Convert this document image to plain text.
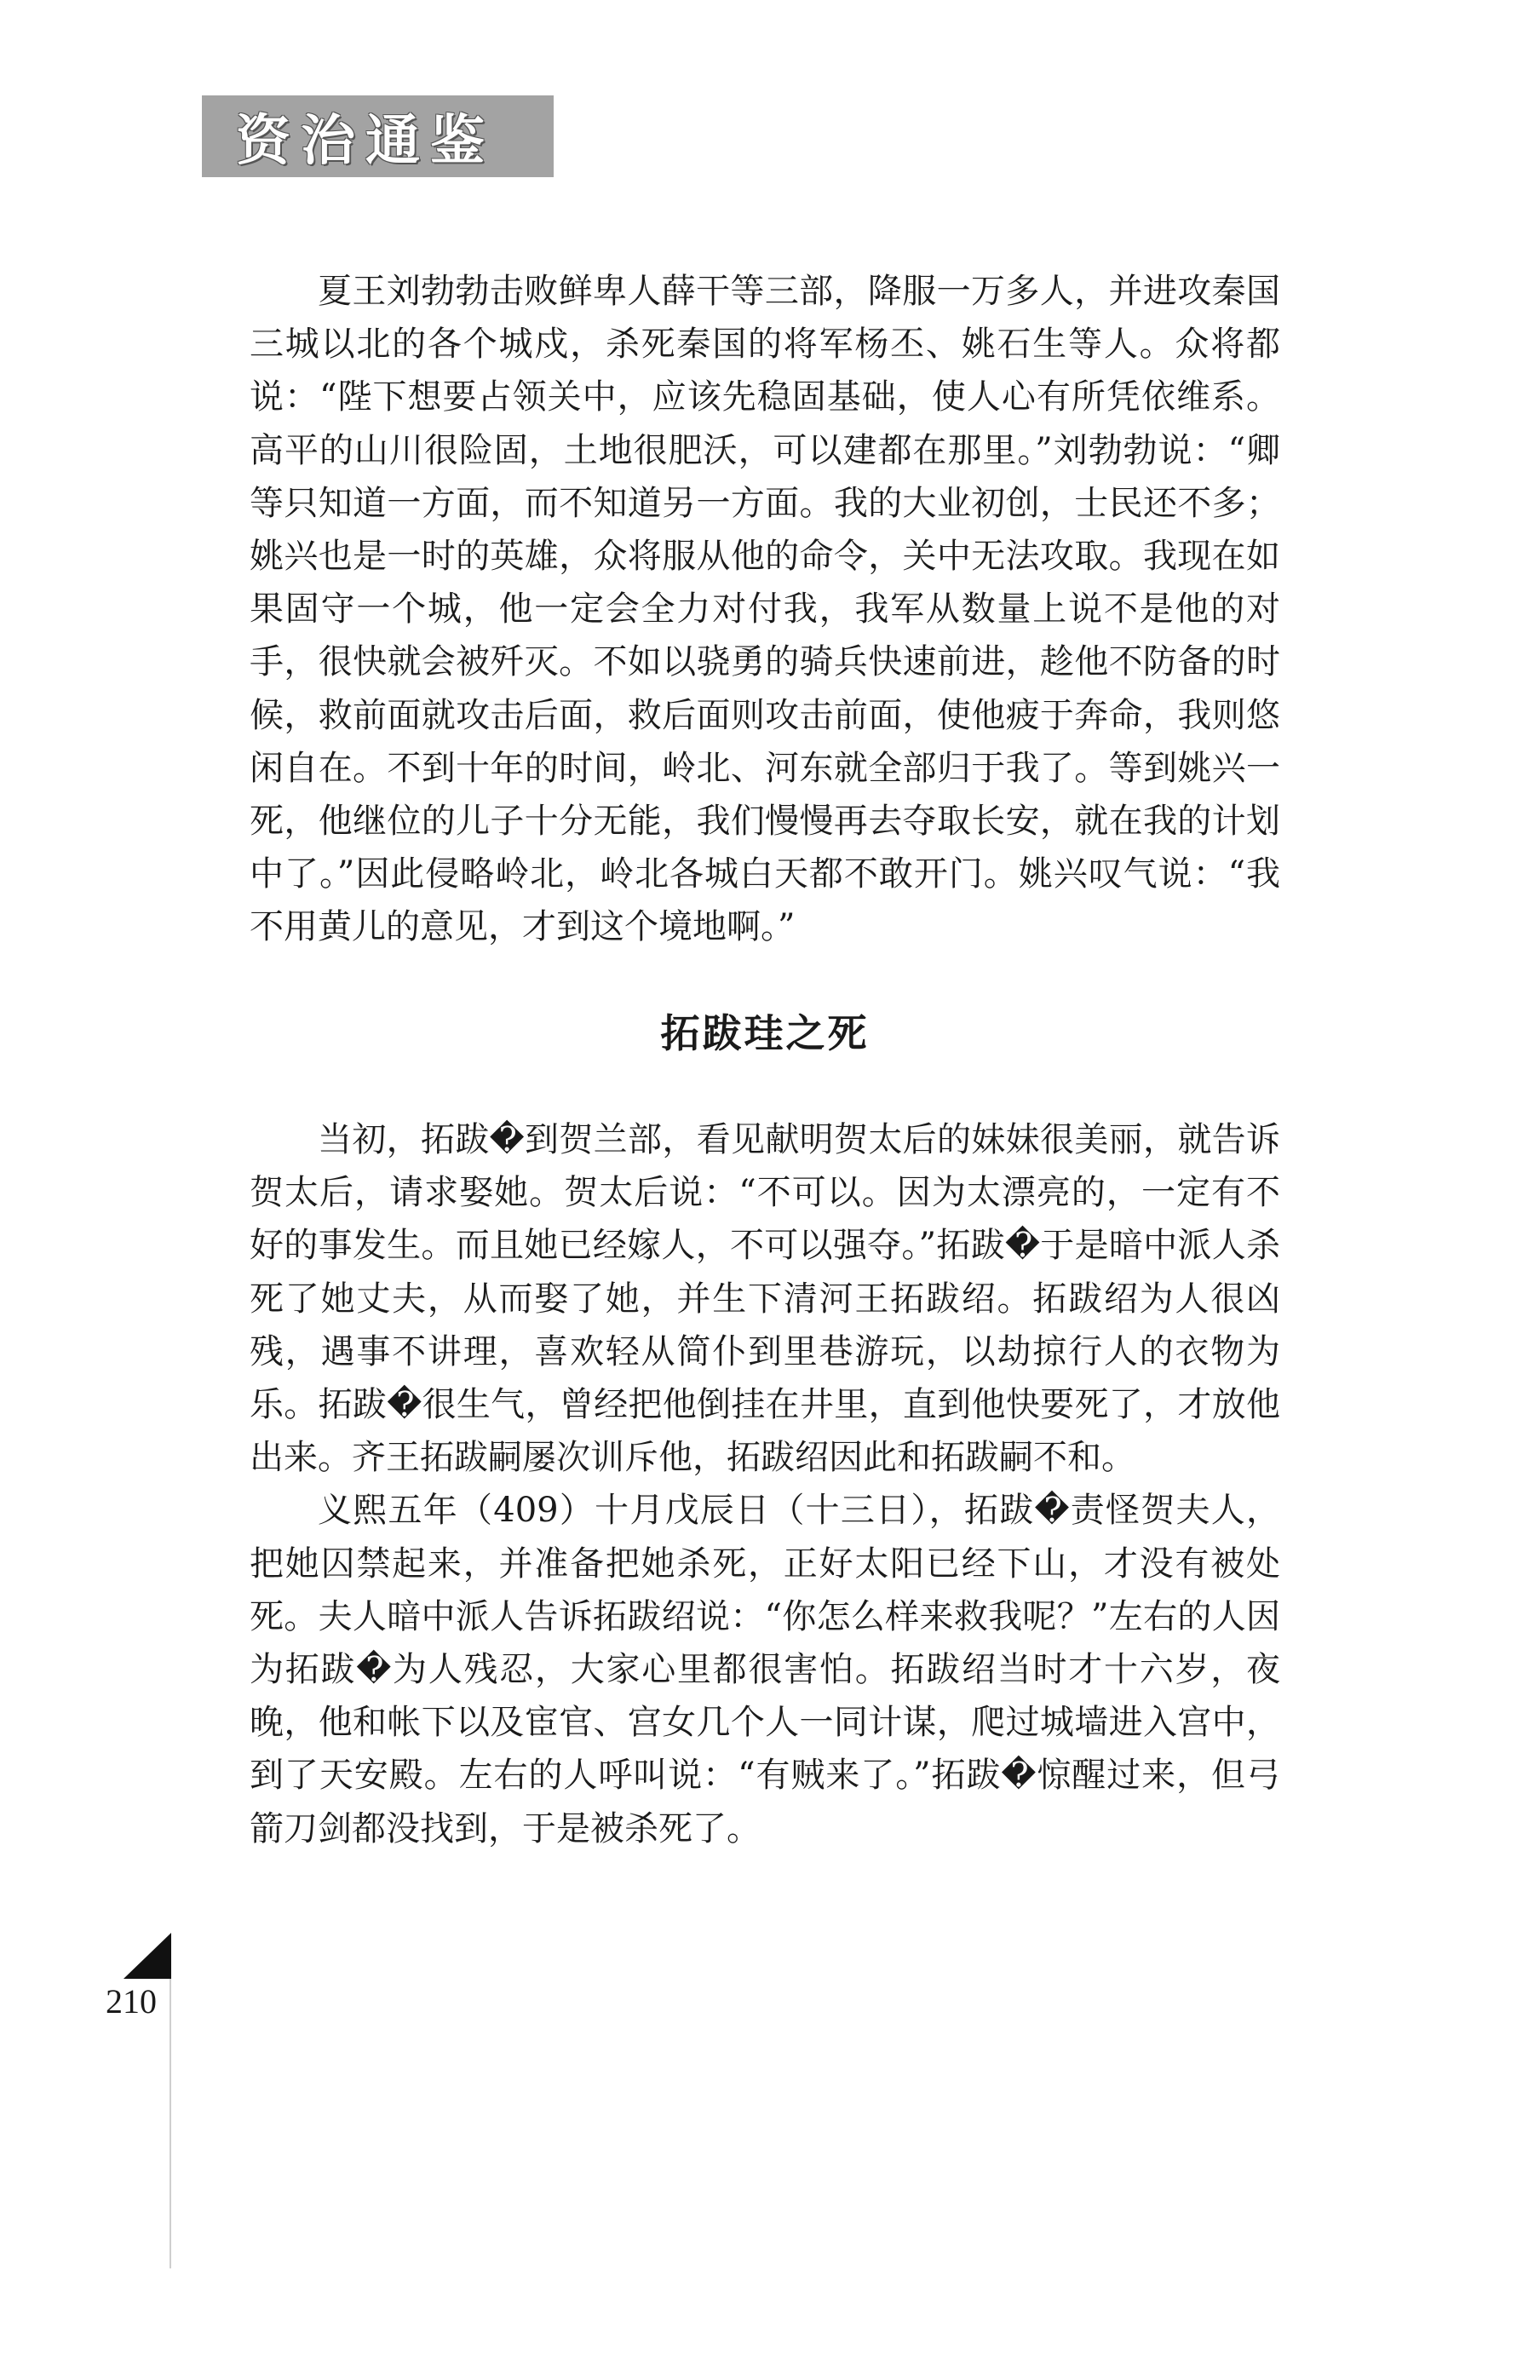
资治通鉴

夏王刘勃勃击败鲜卑人薛干等三部，降服一万多人，并进攻秦国三城以北的各个城戍，杀死秦国的将军杨丕、姚石生等人。众将都说：“陛下想要占领关中，应该先稳固基础，使人心有所凭依维系。高平的山川很险固，土地很肥沃，可以建都在那里。”刘勃勃说：“卿等只知道一方面，而不知道另一方面。我的大业初创，士民还不多；姚兴也是一时的英雄，众将服从他的命令，关中无法攻取。我现在如果固守一个城，他一定会全力对付我，我军从数量上说不是他的对手，很快就会被歼灭。不如以骁勇的骑兵快速前进，趁他不防备的时候，救前面就攻击后面，救后面则攻击前面，使他疲于奔命，我则悠闲自在。不到十年的时间，岭北、河东就全部归于我了。等到姚兴一死，他继位的儿子十分无能，我们慢慢再去夺取长安，就在我的计划中了。”因此侵略岭北，岭北各城白天都不敢开门。姚兴叹气说：“我不用黄儿的意见，才到这个境地啊。”

拓跋珪之死

当初，拓跋�到贺兰部，看见献明贺太后的妹妹很美丽，就告诉贺太后，请求娶她。贺太后说：“不可以。因为太漂亮的，一定有不好的事发生。而且她已经嫁人，不可以强夺。”拓跋�于是暗中派人杀死了她丈夫，从而娶了她，并生下清河王拓跋绍。拓跋绍为人很凶残，遇事不讲理，喜欢轻从简仆到里巷游玩，以劫掠行人的衣物为乐。拓跋�很生气，曾经把他倒挂在井里，直到他快要死了，才放他出来。齐王拓跋嗣屡次训斥他，拓跋绍因此和拓跋嗣不和。

义熙五年（409）十月戊辰日（十三日），拓跋�责怪贺夫人，把她囚禁起来，并准备把她杀死，正好太阳已经下山，才没有被处死。夫人暗中派人告诉拓跋绍说：“你怎么样来救我呢？”左右的人因为拓跋�为人残忍，大家心里都很害怕。拓跋绍当时才十六岁，夜晚，他和帐下以及宦官、宫女几个人一同计谋，爬过城墙进入宫中，到了天安殿。左右的人呼叫说：“有贼来了。”拓跋�惊醒过来，但弓箭刀剑都没找到，于是被杀死了。

210
